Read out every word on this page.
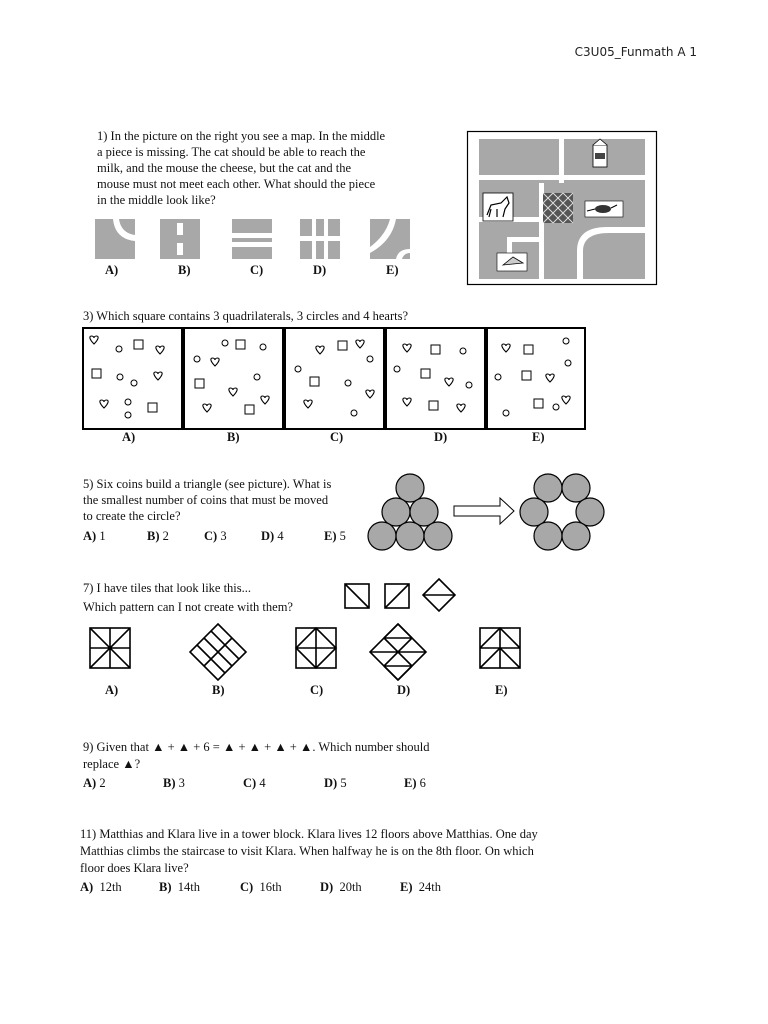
C3U05_Funmath A 1
1) In the picture on the right you see a map. In the middle
a piece is missing. The cat should be able to reach the
milk, and the mouse the cheese, but the cat and the
mouse must not meet each other. What should the piece
in the middle look like?
A)	B)	C)	D)	E)
3) Which square contains 3 quadrilaterals, 3 circles and 4 hearts?
A)	B)	C)	D)	E)
5) Six coins build a triangle (see picture). What is
the smallest number of coins that must be moved
to create the circle?
A) 1	B) 2	C) 3	D) 4	E) 5
7) I have tiles that look like this...
Which pattern can I not create with them?
A)	B)	C)	D)	E)
9) Given that ▲ + ▲ + 6 = ▲ + ▲ + ▲ + ▲. Which number should
replace ▲?
A) 2	B) 3	C) 4	D) 5	E) 6
11) Matthias and Klara live in a tower block. Klara lives 12 floors above Matthias. One day
Matthias climbs the staircase to visit Klara. When halfway he is on the 8th floor. On which
floor does Klara live?
A) 12th	B) 14th	C) 16th	D) 20th	E) 24th
